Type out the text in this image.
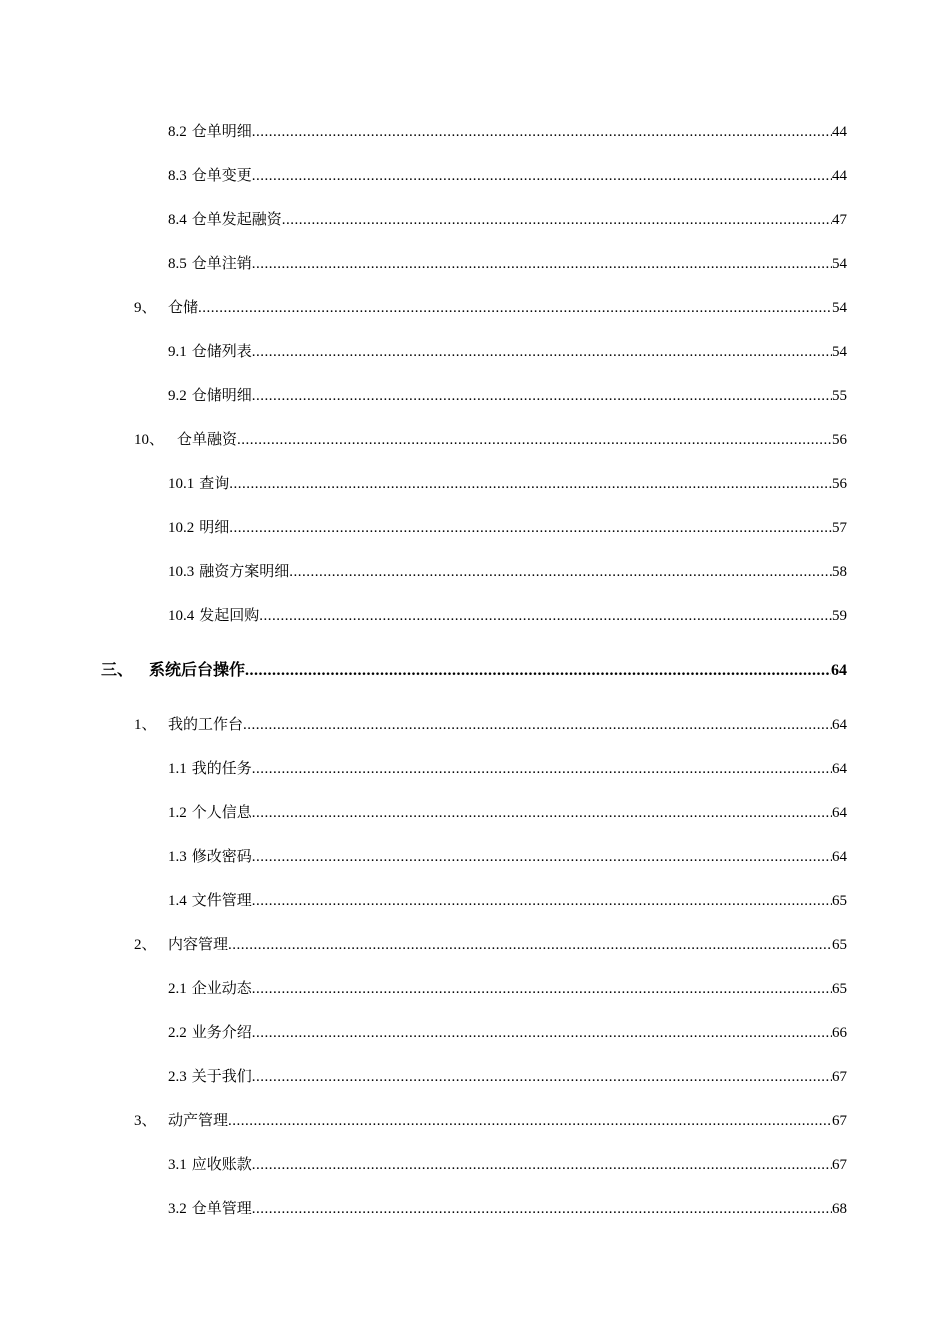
8.2 仓单明细 .....	44
8.3 仓单变更 .....	44
8.4 仓单发起融资 .....	47
8.5 仓单注销 .....	54
9、 仓储 .....	54
9.1 仓储列表 .....	54
9.2 仓储明细 .....	55
10、 仓单融资 .....	56
10.1 查询 .....	56
10.2 明细 .....	57
10.3 融资方案明细 .....	58
10.4 发起回购 .....	59
三、 系统后台操作 .....	64
1、 我的工作台 .....	64
1.1 我的任务 .....	64
1.2 个人信息 .....	64
1.3 修改密码 .....	64
1.4 文件管理 .....	65
2、 内容管理 .....	65
2.1 企业动态 .....	65
2.2 业务介绍 .....	66
2.3 关于我们 .....	67
3、 动产管理 .....	67
3.1 应收账款 .....	67
3.2 仓单管理 .....	68
